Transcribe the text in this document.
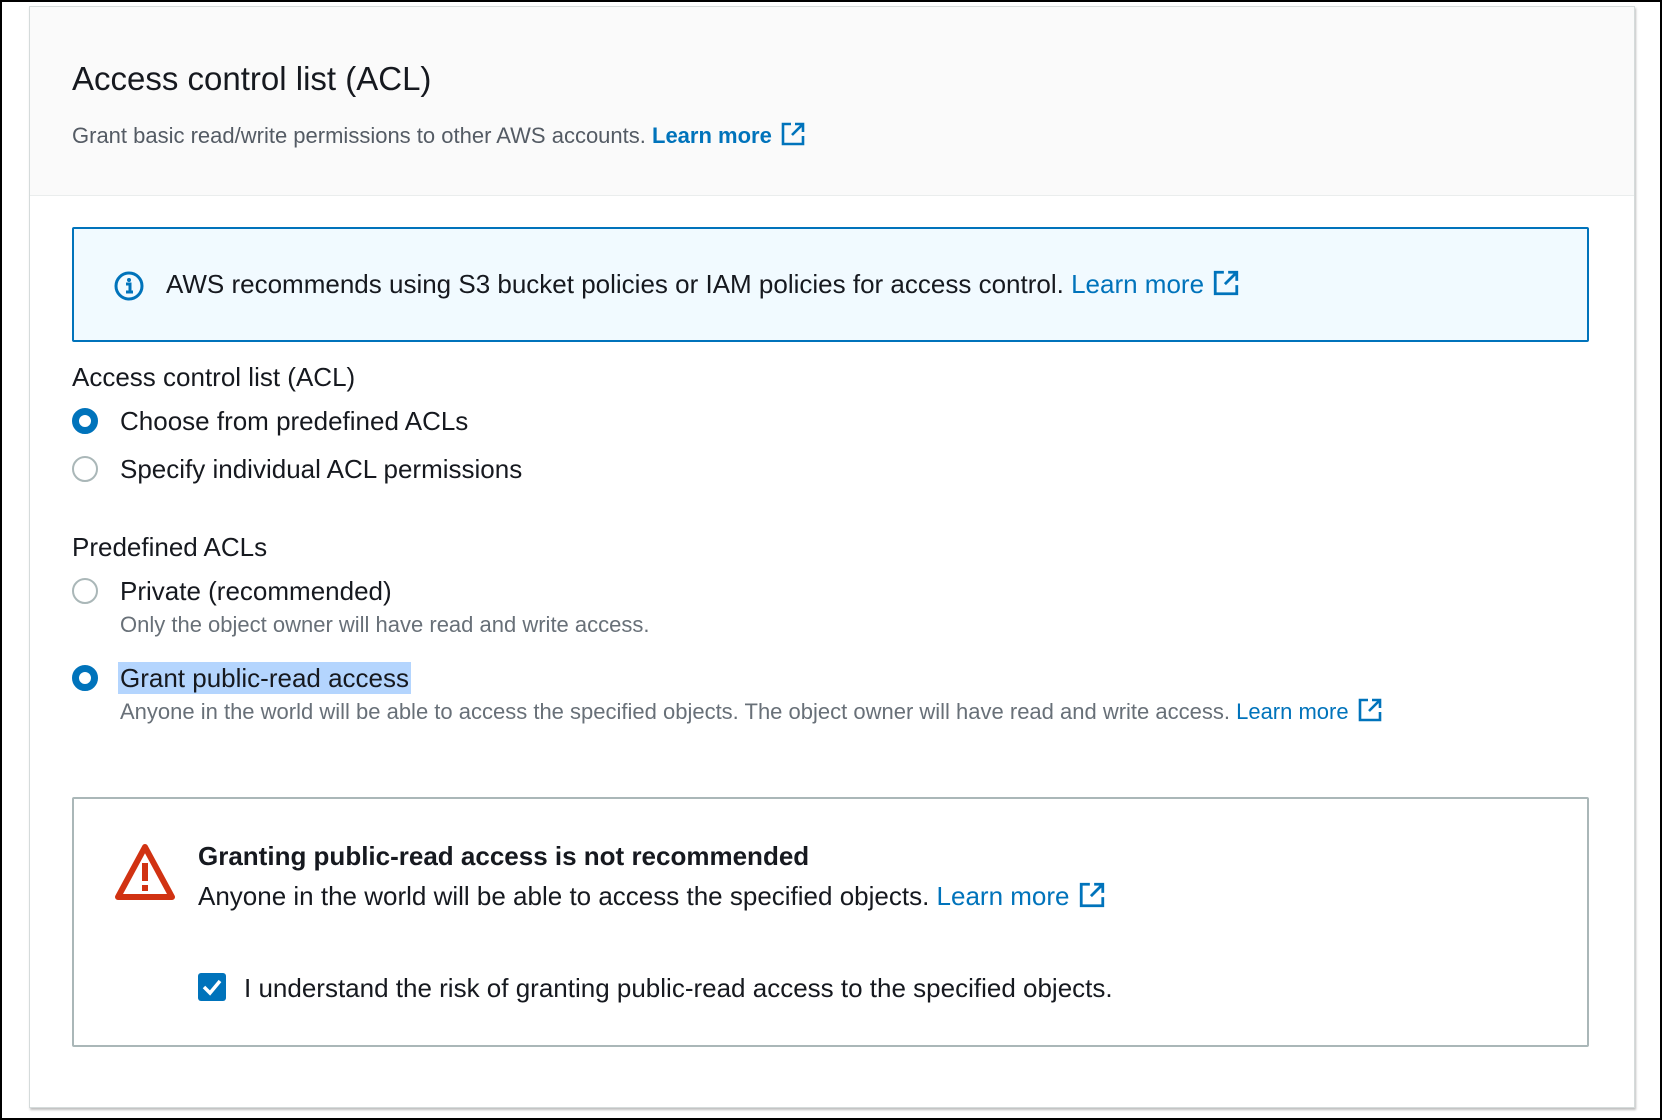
Access control list (ACL)
Grant basic read/write permissions to other AWS accounts. Learn more
AWS recommends using S3 bucket policies or IAM policies for access control. Learn more
Access control list (ACL)
Choose from predefined ACLs
Specify individual ACL permissions
Predefined ACLs
Private (recommended)
Only the object owner will have read and write access.
Grant public-read access
Anyone in the world will be able to access the specified objects. The object owner will have read and write access. Learn more
Granting public-read access is not recommended
Anyone in the world will be able to access the specified objects. Learn more
I understand the risk of granting public-read access to the specified objects.
